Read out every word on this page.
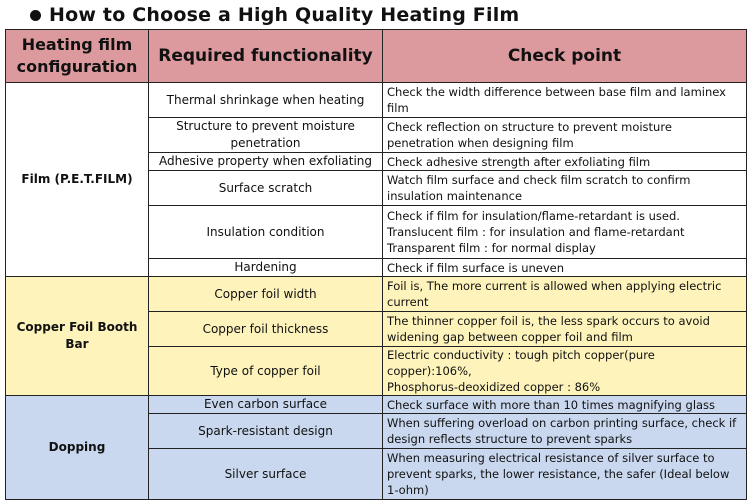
How to Choose a High Quality Heating Film
Heating film configuration	Required functionality	Check point
Film (P.E.T.FILM)	Thermal shrinkage when heating	Check the width difference between base film and laminex film
	Structure to prevent moisture penetration	Check reflection on structure to prevent moisture penetration when designing film
	Adhesive property when exfoliating	Check adhesive strength after exfoliating film
	Surface scratch	Watch film surface and check film scratch to confirm insulation maintenance
	Insulation condition	Check if film for insulation/flame-retardant is used.
Translucent film : for insulation and flame-retardant
Transparent film : for normal display

	Hardening	Check if film surface is uneven
Copper Foil Booth Bar	Copper foil width	Foil is, The more current is allowed when applying electric current
	Copper foil thickness	The thinner copper foil is, the less spark occurs to avoid widening gap between copper foil and film
	Type of copper foil	Electric conductivity : tough pitch copper(pure copper):106%,
Phosphorus-deoxidized copper : 86%

Dopping	Even carbon surface	Check surface with more than 10 times magnifying glass
	Spark-resistant design	When suffering overload on carbon printing surface, check if design reflects structure to prevent sparks
	Silver surface	When measuring electrical resistance of silver surface to prevent sparks, the lower resistance, the safer (Ideal below 1-ohm)
